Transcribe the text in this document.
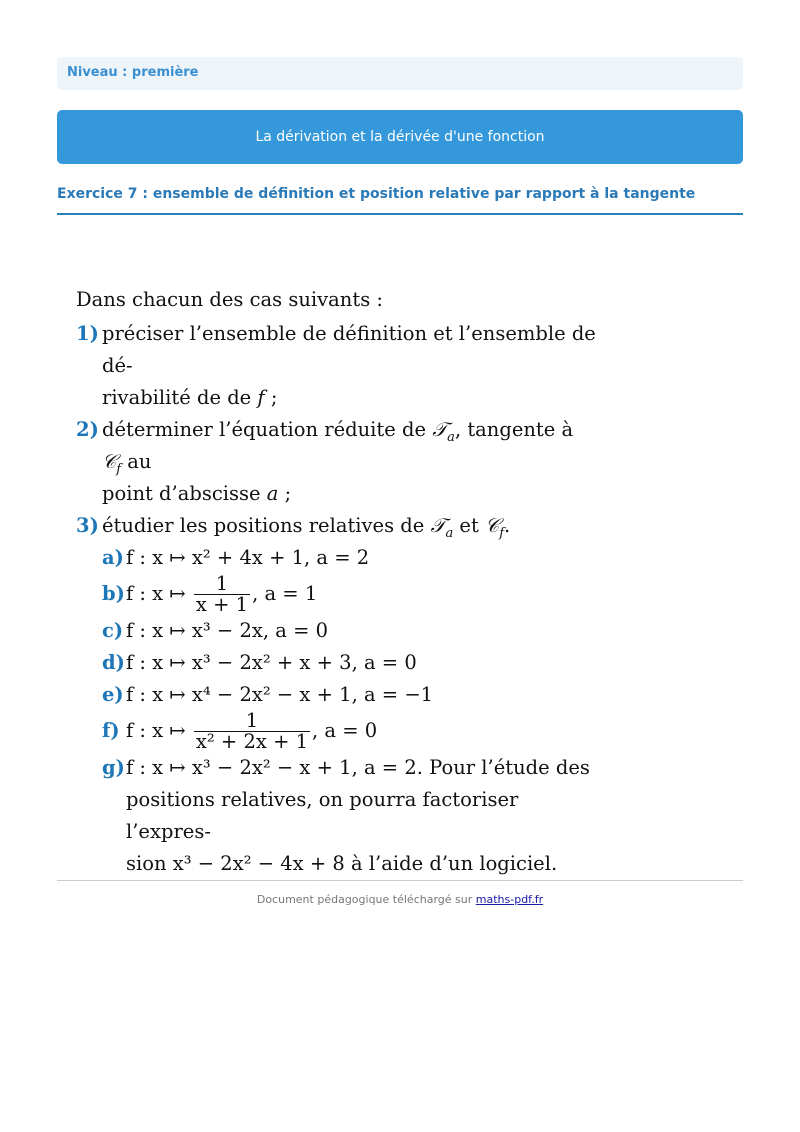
Niveau : première
La dérivation et la dérivée d'une fonction
Exercice 7 : ensemble de définition et position relative par rapport à la tangente
Dans chacun des cas suivants :
1) préciser l’ensemble de définition et l’ensemble de dé-
rivabilité de de f ;
2) déterminer l’équation réduite de 𝒯$_a$, tangente à 𝒞$_f$ au
point d’abscisse a ;
3) étudier les positions relatives de 𝒯$_a$ et 𝒞$_f$.
a) f : x ↦ x² + 4x + 1, a = 2
b) f : x ↦ $\frac{1}{x + 1}$ , a = 1
c) f : x ↦ x³ − 2x, a = 0
d) f : x ↦ x³ − 2x² + x + 3, a = 0
e) f : x ↦ x⁴ − 2x² − x + 1, a = −1
f) f : x ↦ $\frac{1}{\text{x² + 2x + 1}}$ , a = 0
g) f : x ↦ x³ − 2x² − x + 1, a = 2. Pour l’étude des
positions relatives, on pourra factoriser l’expres-
sion x³ − 2x² − 4x + 8 à l’aide d’un logiciel.
Document pédagogique téléchargé sur maths-pdf.fr
